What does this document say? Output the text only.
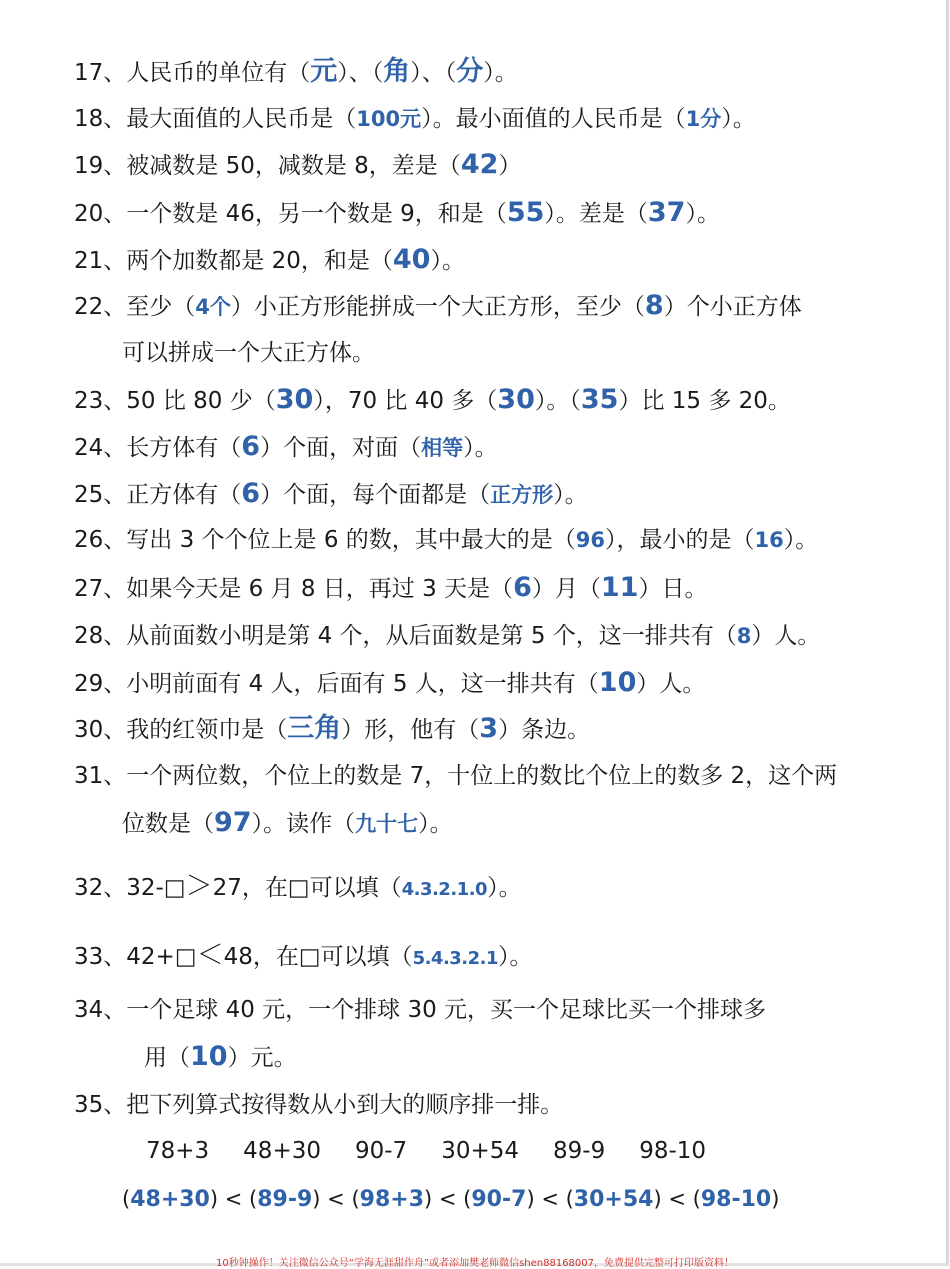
17、人民币的单位有（元）、（角）、（分）。
18、最大面值的人民币是（100元）。最小面值的人民币是（1分）。
19、被减数是 50，减数是 8，差是（42）
20、一个数是 46，另一个数是 9，和是（55）。差是（37）。
21、两个加数都是 20，和是（40）。
22、至少（4个）小正方形能拼成一个大正方形，至少（8）个小正方体
可以拼成一个大正方体。
23、50 比 80 少（30），70 比 40 多（30）。（35）比 15 多 20。
24、长方体有（6）个面，对面（相等）。
25、正方体有（6）个面，每个面都是（正方形）。
26、写出 3 个个位上是 6 的数，其中最大的是（96），最小的是（16）。
27、如果今天是 6 月 8 日，再过 3 天是（6）月（11）日。
28、从前面数小明是第 4 个，从后面数是第 5 个，这一排共有（8）人。
29、小明前面有 4 人，后面有 5 人，这一排共有（10）人。
30、我的红领巾是（三角）形，他有（3）条边。
31、一个两位数，个位上的数是 7，十位上的数比个位上的数多 2，这个两
位数是（97）。读作（九十七）。
32、32-□＞27，在□可以填（4.3.2.1.0）。
33、42+□＜48，在□可以填（5.4.3.2.1）。
34、一个足球 40 元，一个排球 30 元，买一个足球比买一个排球多
用（10）元。
35、把下列算式按得数从小到大的顺序排一排。
78+3 48+30 90-7 30+54 89-9 98-10
(48+30) < (89-9) < (98+3) < (90-7) < (30+54) < (98-10)
10秒钟操作！关注微信公众号“学海无涯甜作舟”或者添加樊老师微信shen88168007，免费提供完整可打印版资料！
